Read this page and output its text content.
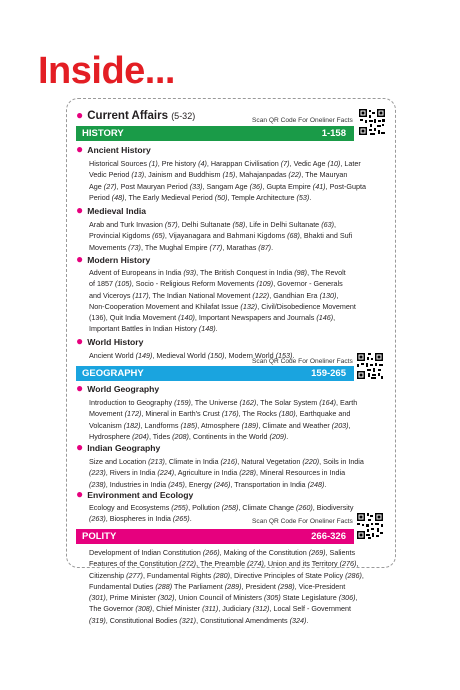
Inside...
● Current Affairs (5-32)	Scan QR Code For Oneliner Facts
HISTORY	1-158
● Ancient History
Historical Sources (1), Pre history (4), Harappan Civilisation (7), Vedic Age (10), Later
Vedic Period (13), Jainism and Buddhism (15), Mahajanpadas (22), The Mauryan
Age (27), Post Mauryan Period (33), Sangam Age (36), Gupta Empire (41), Post-Gupta
Period (48), The Early Medieval Period (50), Temple Architecture (53).
● Medieval India
Arab and Turk Invasion (57), Delhi Sultanate (58), Life in Delhi Sultanate (63),
Provincial Kigdoms (65), Vijayanagara and Bahmani Kigdoms (68), Bhakti and Sufi
Movements (73), The Mughal Empire (77), Marathas (87).
● Modern History
Advent of Europeans in India (93), The British Conquest in India (98), The Revolt
of 1857 (105), Socio - Religious Reform Movements (109), Governor - Generals
and Viceroys (117), The Indian National Movement (122), Gandhian Era (130),
Non-Cooperation Movement and Khilafat Issue (132), Civil/Disobedience Movement
(136), Quit India Movement (140), Important Newspapers and Journals (146),
Important Battles in Indian History (148).
● World History
Ancient World (149), Medieval World (150), Modern World (153).
Scan QR Code For Oneliner Facts
GEOGRAPHY	159-265
● World Geography
Introduction to Geography (159), The Universe (162), The Solar System (164), Earth
Movement (172), Mineral in Earth's Crust (176), The Rocks (180), Earthquake and
Volcanism (182), Landforms (185), Atmosphere (189), Climate and Weather (203),
Hydrosphere (204), Tides (208), Continents in the World (209).
● Indian Geography
Size and Location (213), Climate in India (216), Natural Vegetation (220), Soils in India
(223), Rivers in India (224), Agriculture in India (228), Mineral Resources in India
(238), Industries in India (245), Energy (246), Transportation in India (248).
● Environment and Ecology
Ecology and Ecosystems (255), Pollution (258), Climate Change (260), Biodiversity
(263), Biospheres in India (265).	Scan QR Code For Oneliner Facts
POLITY	266-326
Development of Indian Constitution (266), Making of the Constitution (269), Salients
Features of the Constitution (272), The Preamble (274), Union and its Territory (276),
Citizenship (277), Fundamental Rights (280), Directive Principles of State Policy (286),
Fundamental Duties (288) The Parliament (289), President (298), Vice-President
(301), Prime Minister (302), Union Council of Ministers (305) State Legislature (306),
The Governor (308), Chief Minister (311), Judiciary (312), Local Self - Government
(319), Constitutional Bodies (321), Constitutional Amendments (324).
